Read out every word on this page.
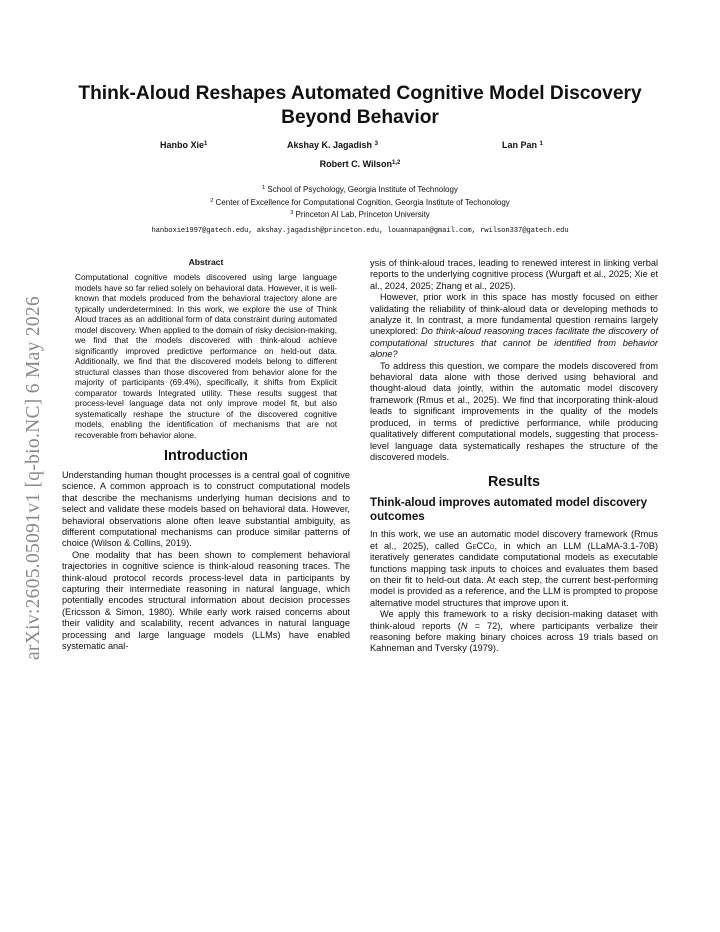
arXiv:2605.05091v1 [q-bio.NC] 6 May 2026
Think-Aloud Reshapes Automated Cognitive Model Discovery Beyond Behavior
Hanbo Xie$^1$	Akshay K. Jagadish $^3$	Lan Pan $^1$
Robert C. Wilson$^{1,2}$
$^1$ School of Psychology, Georgia Institute of Technology
$^2$ Center of Excellence for Computational Cognition, Georgia Institute of Techonology
$^3$ Princeton AI Lab, Princeton University
hanboxie1997@gatech.edu, akshay.jagadish@princeton.edu, louannapan@gmail.com, rwilson337@gatech.edu
Abstract

Computational cognitive models discovered using large language models have so far relied solely on behavioral data. However, it is well-known that models produced from the behavioral trajectory alone are typically underdetermined. In this work, we explore the use of Think Aloud traces as an additional form of data constraint during automated model discovery. When applied to the domain of risky decision-making, we find that the models discovered with think-aloud achieve significantly improved predictive performance on held-out data. Additionally, we find that the discovered models belong to different structural classes than those discovered from behavior alone for the majority of participants (69.4%), specifically, it shifts from Explicit comparator towards Integrated utility. These results suggest that process-level language data not only improve model fit, but also systematically reshape the structure of the discovered cognitive models, enabling the identification of mechanisms that are not recoverable from behavior alone.

Introduction

Understanding human thought processes is a central goal of cognitive science. A common approach is to construct computational models that describe the mechanisms underlying human decisions and to select and validate these models based on behavioral data. However, behavioral observations alone often leave substantial ambiguity, as different computational mechanisms can produce similar patterns of choice (Wilson & Collins, 2019).

One modality that has been shown to complement behavioral trajectories in cognitive science is think-aloud reasoning traces. The think-aloud protocol records process-level data in participants by capturing their intermediate reasoning in natural language, which potentially encodes structural information about decision processes (Ericsson & Simon, 1980). While early work raised concerns about their validity and scalability, recent advances in natural language processing and large language models (LLMs) have enabled systematic anal-

ysis of think-aloud traces, leading to renewed interest in linking verbal reports to the underlying cognitive process (Wurgaft et al., 2025; Xie et al., 2024, 2025; Zhang et al., 2025).

However, prior work in this space has mostly focused on either validating the reliability of think-aloud data or developing methods to analyze it. In contrast, a more fundamental question remains largely unexplored: Do think-aloud reasoning traces facilitate the discovery of computational structures that cannot be identified from behavior alone?

To address this question, we compare the models discovered from behavioral data alone with those derived using behavioral and thought-aloud data jointly, within the automatic model discovery framework (Rmus et al., 2025). We find that incorporating think-aloud leads to significant improvements in the quality of the models produced, in terms of predictive performance, while producing qualitatively different computational models, suggesting that process-level language data systematically reshapes the structure of the discovered models.

Results
Think-aloud improves automated model discovery outcomes

In this work, we use an automatic model discovery framework (Rmus et al., 2025), called GeCCo, in which an LLM (LLaMA-3.1-70B) iteratively generates candidate computational models as executable functions mapping task inputs to choices and evaluates them based on their fit to held-out data. At each step, the current best-performing model is provided as a reference, and the LLM is prompted to propose alternative model structures that improve upon it.

We apply this framework to a risky decision-making dataset with think-aloud reports (N = 72), where participants verbalize their reasoning before making binary choices across 19 trials based on Kahneman and Tversky (1979).
